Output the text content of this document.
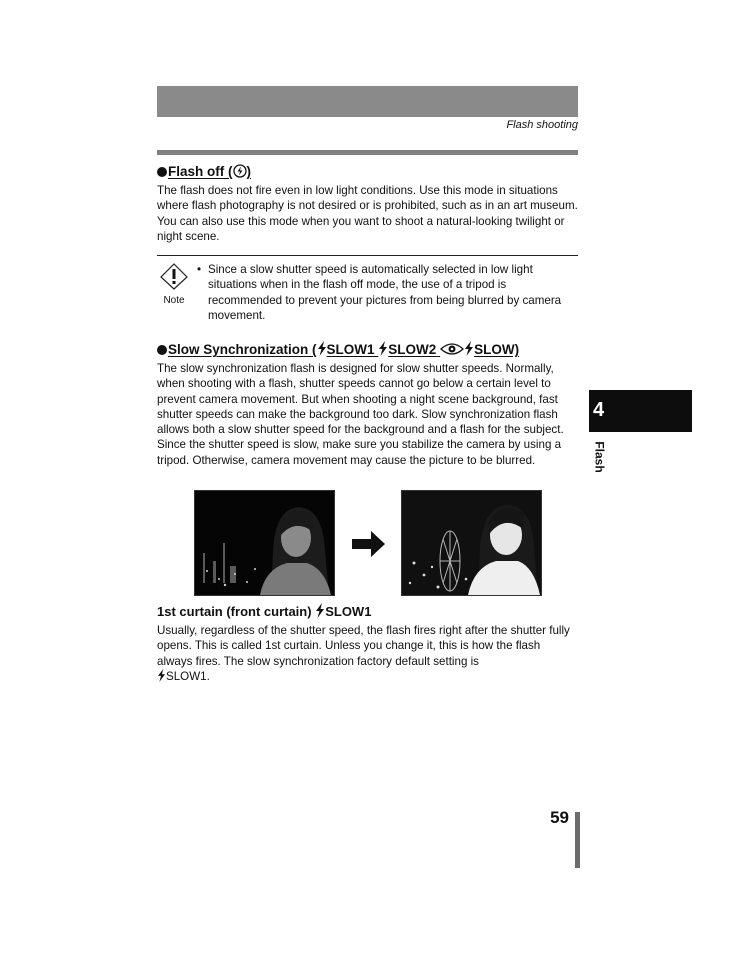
Flash shooting
Flash off ( )
The flash does not fire even in low light conditions. Use this mode in situations where flash photography is not desired or is prohibited, such as in an art museum. You can also use this mode when you want to shoot a natural-looking twilight or night scene.
Note
• Since a slow shutter speed is automatically selected in low light situations when in the flash off mode, the use of a tripod is recommended to prevent your pictures from being blurred by camera movement.
Slow Synchronization ( SLOW1 SLOW2	SLOW)
The slow synchronization flash is designed for slow shutter speeds. Normally, when shooting with a flash, shutter speeds cannot go below a certain level to prevent camera movement. But when shooting a night scene background, fast shutter speeds can make the background too dark. Slow synchronization flash allows both a slow shutter speed for the background and a flash for the subject. Since the shutter speed is slow, make sure you stabilize the camera by using a tripod. Otherwise, camera movement may cause the picture to be blurred.
1st curtain (front curtain) SLOW1
Usually, regardless of the shutter speed, the flash fires right after the shutter fully opens. This is called 1st curtain. Unless you change it, this is how the flash always fires. The slow synchronization factory default setting is
SLOW1.
4
Flash
59
